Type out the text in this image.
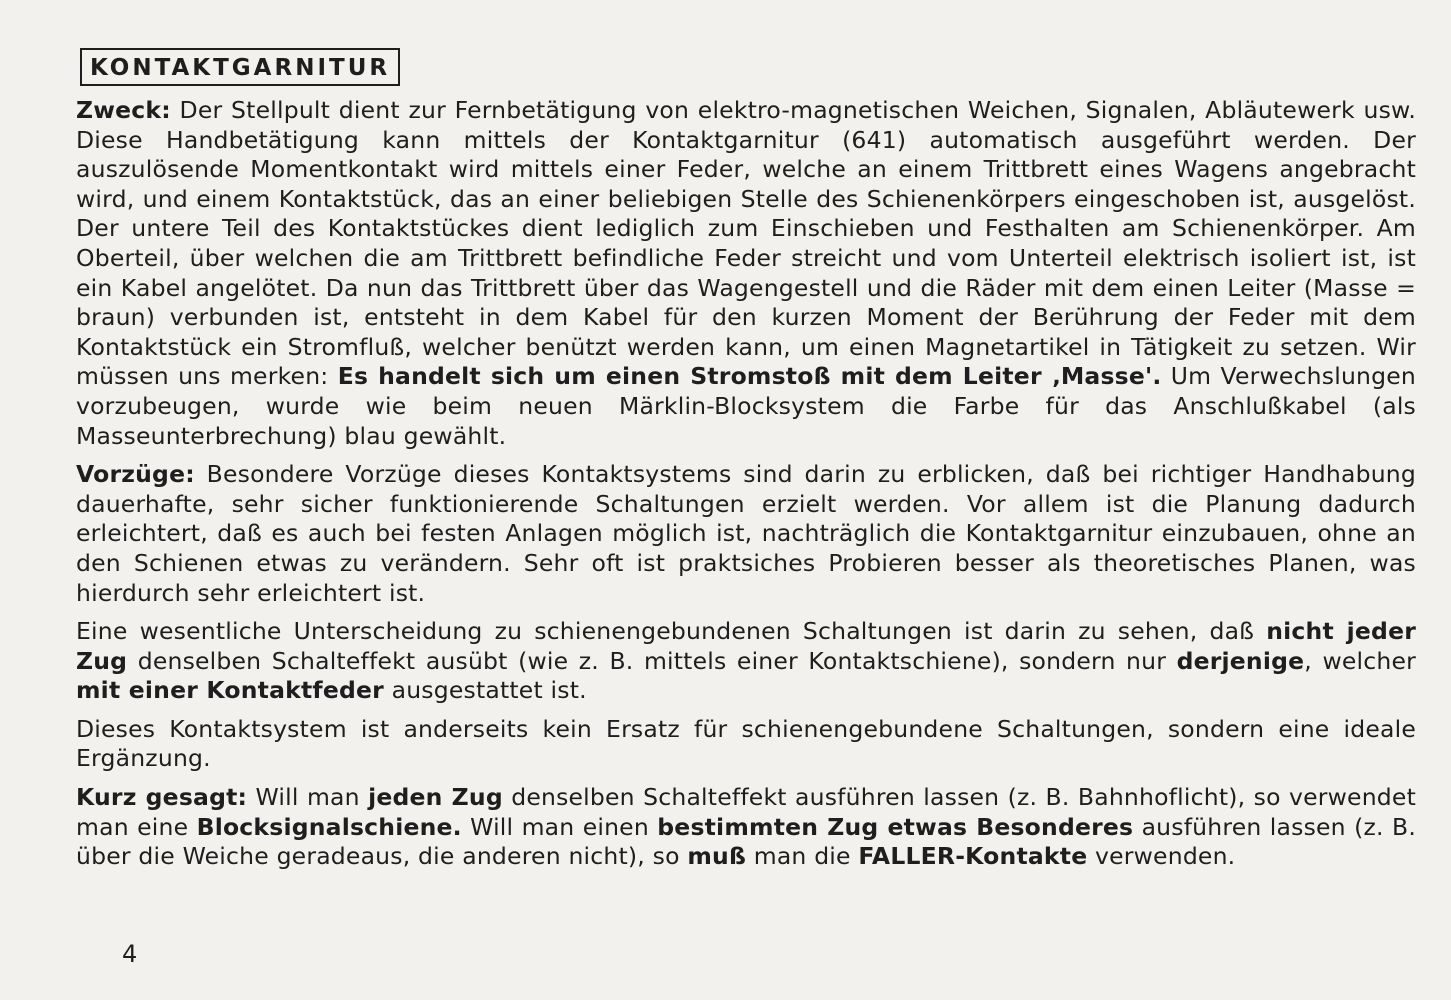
KONTAKTGARNITUR

Zweck: Der Stellpult dient zur Fernbetätigung von elektro-magnetischen Weichen, Signalen, Abläutewerk usw. Diese Handbetätigung kann mittels der Kontaktgarnitur (641) automatisch ausgeführt werden. Der auszulösende Momentkontakt wird mittels einer Feder, welche an einem Trittbrett eines Wagens angebracht wird, und einem Kontaktstück, das an einer beliebigen Stelle des Schienenkörpers eingeschoben ist, ausgelöst. Der untere Teil des Kontaktstückes dient lediglich zum Einschieben und Festhalten am Schienenkörper. Am Oberteil, über welchen die am Trittbrett befindliche Feder streicht und vom Unterteil elektrisch isoliert ist, ist ein Kabel angelötet. Da nun das Trittbrett über das Wagengestell und die Räder mit dem einen Leiter (Masse = braun) verbunden ist, entsteht in dem Kabel für den kurzen Moment der Berührung der Feder mit dem Kontaktstück ein Stromfluß, welcher benützt werden kann, um einen Magnetartikel in Tätigkeit zu setzen. Wir müssen uns merken: Es handelt sich um einen Stromstoß mit dem Leiter ‚Masse'. Um Verwechslungen vorzubeugen, wurde wie beim neuen Märklin-Blocksystem die Farbe für das Anschlußkabel (als Masseunterbrechung) blau gewählt.

Vorzüge: Besondere Vorzüge dieses Kontaktsystems sind darin zu erblicken, daß bei richtiger Handhabung dauerhafte, sehr sicher funktionierende Schaltungen erzielt werden. Vor allem ist die Planung dadurch erleichtert, daß es auch bei festen Anlagen möglich ist, nachträglich die Kontaktgarnitur einzubauen, ohne an den Schienen etwas zu verändern. Sehr oft ist praktsiches Probieren besser als theoretisches Planen, was hierdurch sehr erleichtert ist.

Eine wesentliche Unterscheidung zu schienengebundenen Schaltungen ist darin zu sehen, daß nicht jeder Zug denselben Schalteffekt ausübt (wie z. B. mittels einer Kontaktschiene), sondern nur derjenige, welcher mit einer Kontaktfeder ausgestattet ist.

Dieses Kontaktsystem ist anderseits kein Ersatz für schienengebundene Schaltungen, sondern eine ideale Ergänzung.

Kurz gesagt: Will man jeden Zug denselben Schalteffekt ausführen lassen (z. B. Bahnhoflicht), so verwendet man eine Blocksignalschiene. Will man einen bestimmten Zug etwas Besonderes ausführen lassen (z. B. über die Weiche geradeaus, die anderen nicht), so muß man die FALLER-Kontakte verwenden.

4
